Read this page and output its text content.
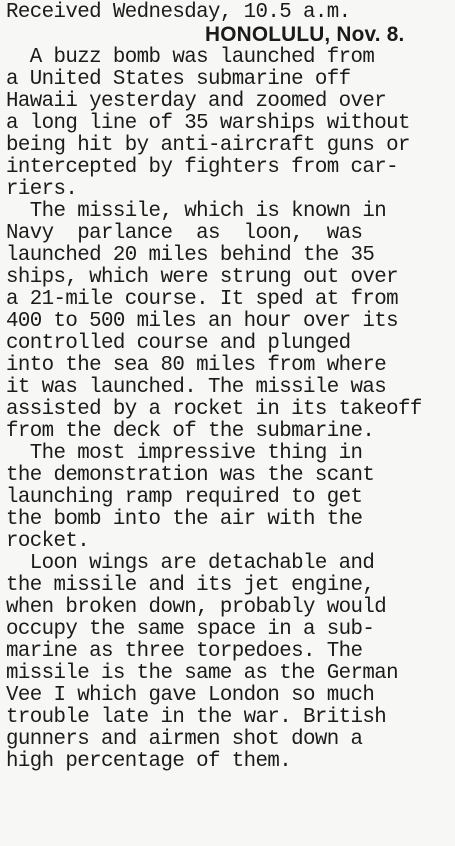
Received Wednesday, 10.5 a.m.
HONOLULU, Nov. 8.
A buzz bomb was launched from
a United States submarine off
Hawaii yesterday and zoomed over
a long line of 35 warships without
being hit by anti-aircraft guns or
intercepted by fighters from car-
riers.
The missile, which is known in
Navy  parlance  as  loon,  was
launched 20 miles behind the 35
ships, which were strung out over
a 21-mile course. It sped at from
400 to 500 miles an hour over its
controlled course and plunged
into the sea 80 miles from where
it was launched. The missile was
assisted by a rocket in its takeoff
from the deck of the submarine.
The most impressive thing in
the demonstration was the scant
launching ramp required to get
the bomb into the air with the
rocket.
Loon wings are detachable and
the missile and its jet engine,
when broken down, probably would
occupy the same space in a sub-
marine as three torpedoes. The
missile is the same as the German
Vee I which gave London so much
trouble late in the war. British
gunners and airmen shot down a
high percentage of them.
